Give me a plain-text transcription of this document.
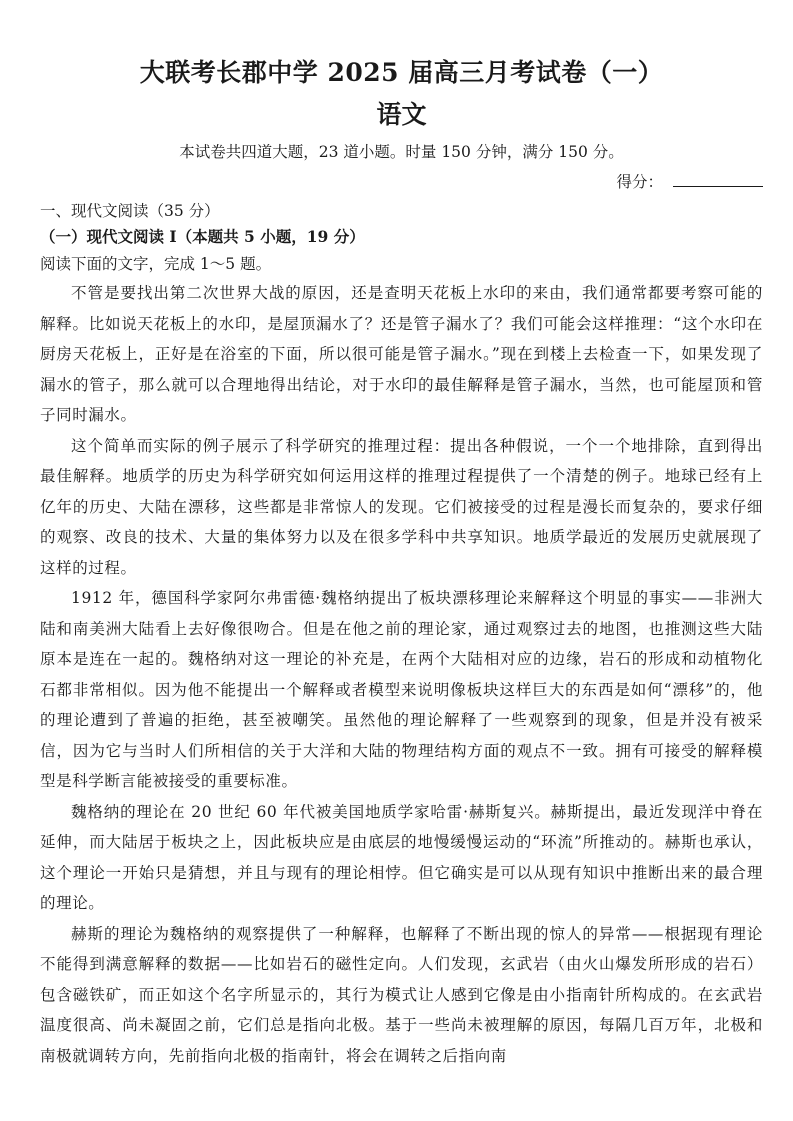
大联考长郡中学 2025 届高三月考试卷（一）
语文

本试卷共四道大题，23 道小题。时量 150 分钟，满分 150 分。

得分：

一、现代文阅读（35 分）

（一）现代文阅读 I（本题共 5 小题，19 分）

阅读下面的文字，完成 1～5 题。

不管是要找出第二次世界大战的原因，还是查明天花板上水印的来由，我们通常都要考察可能的解释。比如说天花板上的水印，是屋顶漏水了？还是管子漏水了？我们可能会这样推理：“这个水印在厨房天花板上，正好是在浴室的下面，所以很可能是管子漏水。”现在到楼上去检查一下，如果发现了漏水的管子，那么就可以合理地得出结论，对于水印的最佳解释是管子漏水，当然，也可能屋顶和管子同时漏水。

这个简单而实际的例子展示了科学研究的推理过程：提出各种假说，一个一个地排除，直到得出最佳解释。地质学的历史为科学研究如何运用这样的推理过程提供了一个清楚的例子。地球已经有上亿年的历史、大陆在漂移，这些都是非常惊人的发现。它们被接受的过程是漫长而复杂的，要求仔细的观察、改良的技术、大量的集体努力以及在很多学科中共享知识。地质学最近的发展历史就展现了这样的过程。

1912 年，德国科学家阿尔弗雷德·魏格纳提出了板块漂移理论来解释这个明显的事实——非洲大陆和南美洲大陆看上去好像很吻合。但是在他之前的理论家，通过观察过去的地图，也推测这些大陆原本是连在一起的。魏格纳对这一理论的补充是，在两个大陆相对应的边缘，岩石的形成和动植物化石都非常相似。因为他不能提出一个解释或者模型来说明像板块这样巨大的东西是如何“漂移”的，他的理论遭到了普遍的拒绝，甚至被嘲笑。虽然他的理论解释了一些观察到的现象，但是并没有被采信，因为它与当时人们所相信的关于大洋和大陆的物理结构方面的观点不一致。拥有可接受的解释模型是科学断言能被接受的重要标准。

魏格纳的理论在 20 世纪 60 年代被美国地质学家哈雷·赫斯复兴。赫斯提出，最近发现洋中脊在延伸，而大陆居于板块之上，因此板块应是由底层的地慢缓慢运动的“环流”所推动的。赫斯也承认，这个理论一开始只是猜想，并且与现有的理论相悖。但它确实是可以从现有知识中推断出来的最合理的理论。

赫斯的理论为魏格纳的观察提供了一种解释，也解释了不断出现的惊人的异常——根据现有理论不能得到满意解释的数据——比如岩石的磁性定向。人们发现，玄武岩（由火山爆发所形成的岩石）包含磁铁矿，而正如这个名字所显示的，其行为模式让人感到它像是由小指南针所构成的。在玄武岩温度很高、尚未凝固之前，它们总是指向北极。基于一些尚未被理解的原因，每隔几百万年，北极和南极就调转方向，先前指向北极的指南针，将会在调转之后指向南
